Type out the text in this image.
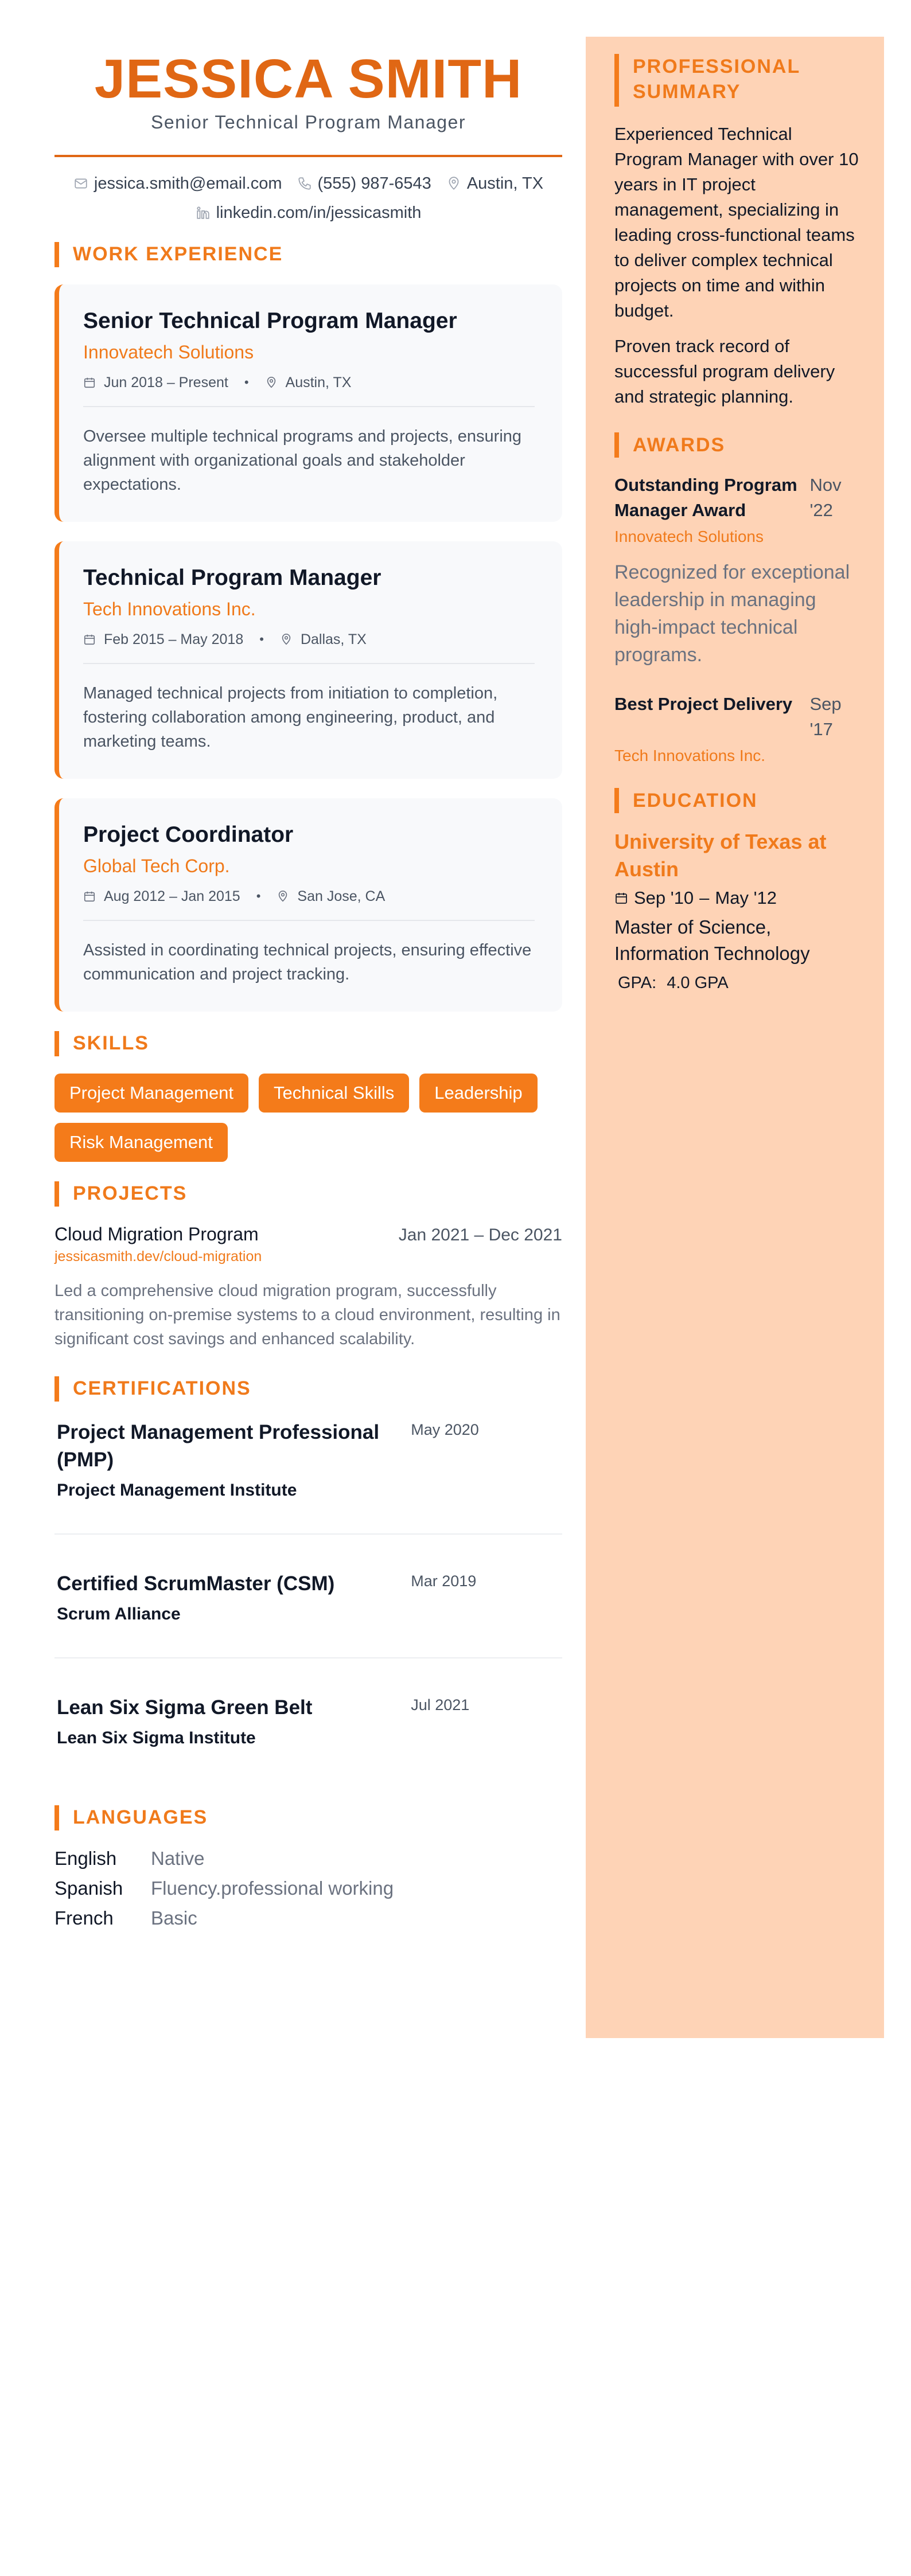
JESSICA SMITH
Senior Technical Program Manager
jessica.smith@email.com (555) 987-6543 Austin, TX
linkedin.com/in/jessicasmith
WORK EXPERIENCE
Senior Technical Program Manager
Innovatech Solutions
Jun 2018 – Present •	Austin, TX
Oversee multiple technical programs and projects, ensuring alignment with organizational goals and stakeholder expectations.
Technical Program Manager
Tech Innovations Inc.
Feb 2015 – May 2018 •	Dallas, TX
Managed technical projects from initiation to completion, fostering collaboration among engineering, product, and marketing teams.
Project Coordinator
Global Tech Corp.
Aug 2012 – Jan 2015 •	San Jose, CA
Assisted in coordinating technical projects, ensuring effective communication and project tracking.
SKILLS
Project Management	Technical Skills	Leadership
Risk Management
PROJECTS
Cloud Migration Program	Jan 2021 – Dec 2021
jessicasmith.dev/cloud-migration
Led a comprehensive cloud migration program, successfully transitioning on-premise systems to a cloud environment, resulting in significant cost savings and enhanced scalability.
CERTIFICATIONS
Project Management Professional (PMP)
May 2020
Project Management Institute
Certified ScrumMaster (CSM)	Mar 2019
Scrum Alliance
Lean Six Sigma Green Belt	Jul 2021
Lean Six Sigma Institute
LANGUAGES
English	Native
Spanish	Fluency.professional working
French	Basic
PROFESSIONAL SUMMARY

Experienced Technical Program Manager with over 10 years in IT project management, specializing in leading cross-functional teams to deliver complex technical projects on time and within budget.

Proven track record of successful program delivery and strategic planning.

AWARDS
Outstanding Program Manager Award
Nov '22
Innovatech Solutions
Recognized for exceptional leadership in managing high-impact technical programs.
Best Project Delivery Sep '17
Tech Innovations Inc.
EDUCATION
University of Texas at Austin
Sep '10 – May '12
Master of Science, Information Technology
GPA: 4.0 GPA
